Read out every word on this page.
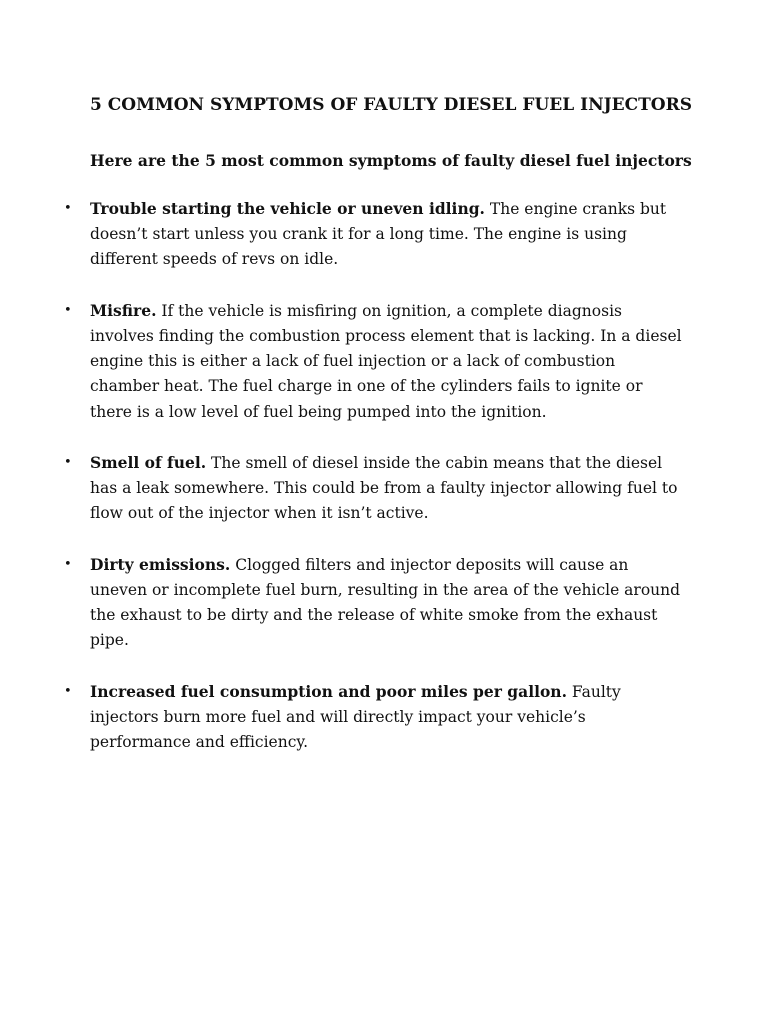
5 COMMON SYMPTOMS OF FAULTY DIESEL FUEL INJECTORS

Here are the 5 most common symptoms of faulty diesel fuel injectors

• Trouble starting the vehicle or uneven idling. The engine cranks but doesn’t start unless you crank it for a long time. The engine is using different speeds of revs on idle.
• Misfire. If the vehicle is misfiring on ignition, a complete diagnosis involves finding the combustion process element that is lacking. In a diesel engine this is either a lack of fuel injection or a lack of combustion chamber heat. The fuel charge in one of the cylinders fails to ignite or there is a low level of fuel being pumped into the ignition.
• Smell of fuel. The smell of diesel inside the cabin means that the diesel has a leak somewhere. This could be from a faulty injector allowing fuel to flow out of the injector when it isn’t active.
• Dirty emissions. Clogged filters and injector deposits will cause an uneven or incomplete fuel burn, resulting in the area of the vehicle around the exhaust to be dirty and the release of white smoke from the exhaust pipe.
• Increased fuel consumption and poor miles per gallon. Faulty injectors burn more fuel and will directly impact your vehicle’s performance and efficiency.
